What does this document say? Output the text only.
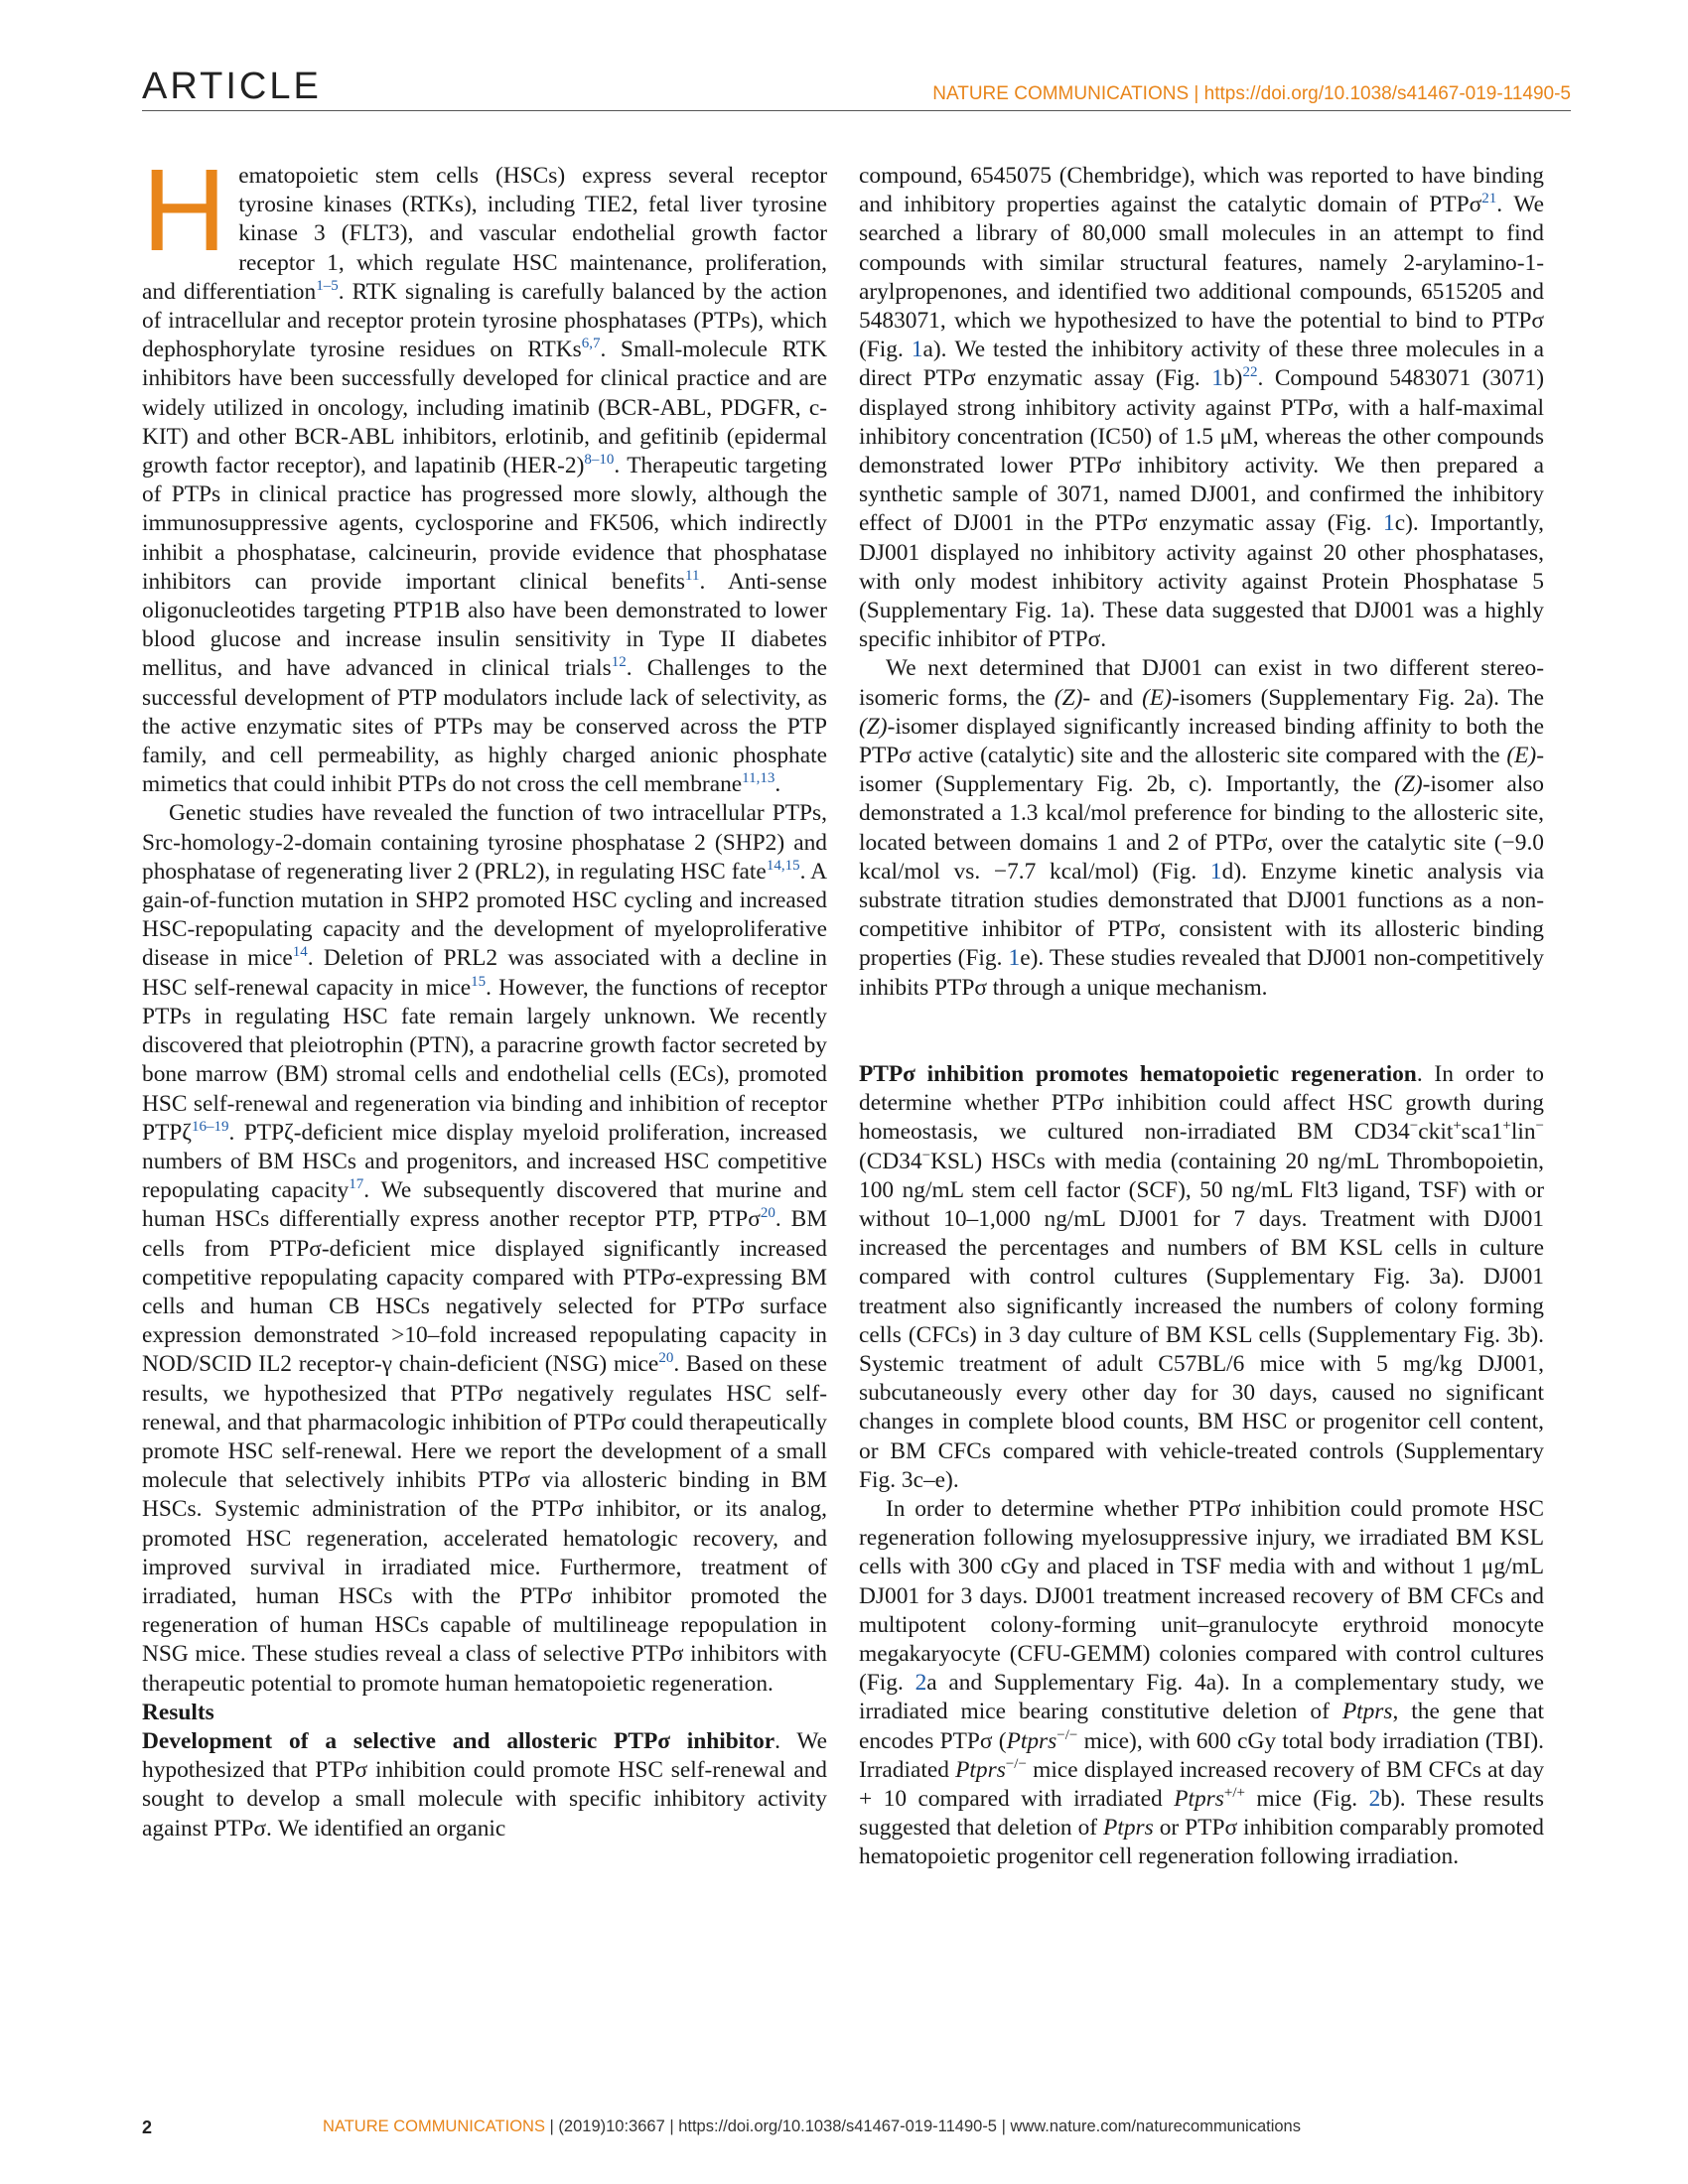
ARTICLE	NATURE COMMUNICATIONS | https://doi.org/10.1038/s41467-019-11490-5

Hematopoietic stem cells (HSCs) express several receptor tyrosine kinases (RTKs), including TIE2, fetal liver tyrosine kinase 3 (FLT3), and vascular endothelial growth factor receptor 1, which regulate HSC maintenance, proliferation, and differentiation$^{1-5}$. RTK signaling is carefully balanced by the action of intracellular and receptor protein tyrosine phosphatases (PTPs), which dephosphorylate tyrosine residues on RTKs$^{6,7}$. Small-molecule RTK inhibitors have been successfully developed for clinical practice and are widely utilized in oncology, including imatinib (BCR-ABL, PDGFR, c-KIT) and other BCR-ABL inhibitors, erlotinib, and gefitinib (epidermal growth factor receptor), and lapatinib (HER-2)$^{8-10}$. Therapeutic targeting of PTPs in clinical practice has progressed more slowly, although the immunosuppressive agents, cyclosporine and FK506, which indirectly inhibit a phosphatase, calcineurin, provide evidence that phosphatase inhibitors can provide important clinical benefits$^{11}$. Anti-sense oligonucleotides targeting PTP1B also have been demonstrated to lower blood glucose and increase insulin sensitivity in Type II diabetes mellitus, and have advanced in clinical trials$^{12}$. Challenges to the successful development of PTP modulators include lack of selectivity, as the active enzymatic sites of PTPs may be conserved across the PTP family, and cell permeability, as highly charged anionic phosphate mimetics that could inhibit PTPs do not cross the cell membrane$^{11,13}$.

Genetic studies have revealed the function of two intracellular PTPs, Src-homology-2-domain containing tyrosine phosphatase 2 (SHP2) and phosphatase of regenerating liver 2 (PRL2), in regulating HSC fate$^{14,15}$. A gain-of-function mutation in SHP2 promoted HSC cycling and increased HSC-repopulating capacity and the development of myeloproliferative disease in mice$^{14}$. Deletion of PRL2 was associated with a decline in HSC self-renewal capacity in mice$^{15}$. However, the functions of receptor PTPs in regulating HSC fate remain largely unknown. We recently discovered that pleiotrophin (PTN), a paracrine growth factor secreted by bone marrow (BM) stromal cells and endothelial cells (ECs), promoted HSC self-renewal and regeneration via binding and inhibition of receptor PTPζ$^{16-19}$. PTPζ-deficient mice display myeloid proliferation, increased numbers of BM HSCs and progenitors, and increased HSC competitive repopulating capacity$^{17}$. We subsequently discovered that murine and human HSCs differentially express another receptor PTP, PTPσ$^{20}$. BM cells from PTPσ-deficient mice displayed significantly increased competitive repopulating capacity compared with PTPσ-expressing BM cells and human CB HSCs negatively selected for PTPσ surface expression demonstrated >10–fold increased repopulating capacity in NOD/SCID IL2 receptor-γ chain-deficient (NSG) mice$^{20}$. Based on these results, we hypothesized that PTPσ negatively regulates HSC self-renewal, and that pharmacologic inhibition of PTPσ could therapeutically promote HSC self-renewal. Here we report the development of a small molecule that selectively inhibits PTPσ via allosteric binding in BM HSCs. Systemic administration of the PTPσ inhibitor, or its analog, promoted HSC regeneration, accelerated hematologic recovery, and improved survival in irradiated mice. Furthermore, treatment of irradiated, human HSCs with the PTPσ inhibitor promoted the regeneration of human HSCs capable of multilineage repopulation in NSG mice. These studies reveal a class of selective PTPσ inhibitors with therapeutic potential to promote human hematopoietic regeneration.

Results

Development of a selective and allosteric PTPσ inhibitor. We hypothesized that PTPσ inhibition could promote HSC self-renewal and sought to develop a small molecule with specific inhibitory activity against PTPσ. We identified an organic

compound, 6545075 (Chembridge), which was reported to have binding and inhibitory properties against the catalytic domain of PTPσ$^{21}$. We searched a library of 80,000 small molecules in an attempt to find compounds with similar structural features, namely 2-arylamino-1-arylpropenones, and identified two additional compounds, 6515205 and 5483071, which we hypothesized to have the potential to bind to PTPσ (Fig. 1a). We tested the inhibitory activity of these three molecules in a direct PTPσ enzymatic assay (Fig. 1b)$^{22}$. Compound 5483071 (3071) displayed strong inhibitory activity against PTPσ, with a half-maximal inhibitory concentration (IC50) of 1.5 μM, whereas the other compounds demonstrated lower PTPσ inhibitory activity. We then prepared a synthetic sample of 3071, named DJ001, and confirmed the inhibitory effect of DJ001 in the PTPσ enzymatic assay (Fig. 1c). Importantly, DJ001 displayed no inhibitory activity against 20 other phosphatases, with only modest inhibitory activity against Protein Phosphatase 5 (Supplementary Fig. 1a). These data suggested that DJ001 was a highly specific inhibitor of PTPσ.

We next determined that DJ001 can exist in two different stereo-isomeric forms, the (Z)- and (E)-isomers (Supplementary Fig. 2a). The (Z)-isomer displayed significantly increased binding affinity to both the PTPσ active (catalytic) site and the allosteric site compared with the (E)-isomer (Supplementary Fig. 2b, c). Importantly, the (Z)-isomer also demonstrated a 1.3 kcal/mol preference for binding to the allosteric site, located between domains 1 and 2 of PTPσ, over the catalytic site (−9.0 kcal/mol vs. −7.7 kcal/mol) (Fig. 1d). Enzyme kinetic analysis via substrate titration studies demonstrated that DJ001 functions as a non-competitive inhibitor of PTPσ, consistent with its allosteric binding properties (Fig. 1e). These studies revealed that DJ001 non-competitively inhibits PTPσ through a unique mechanism.

PTPσ inhibition promotes hematopoietic regeneration. In order to determine whether PTPσ inhibition could affect HSC growth during homeostasis, we cultured non-irradiated BM CD34−ckit+sca1+lin− (CD34−KSL) HSCs with media (containing 20 ng/mL Thrombopoietin, 100 ng/mL stem cell factor (SCF), 50 ng/mL Flt3 ligand, TSF) with or without 10–1,000 ng/mL DJ001 for 7 days. Treatment with DJ001 increased the percentages and numbers of BM KSL cells in culture compared with control cultures (Supplementary Fig. 3a). DJ001 treatment also significantly increased the numbers of colony forming cells (CFCs) in 3 day culture of BM KSL cells (Supplementary Fig. 3b). Systemic treatment of adult C57BL/6 mice with 5 mg/kg DJ001, subcutaneously every other day for 30 days, caused no significant changes in complete blood counts, BM HSC or progenitor cell content, or BM CFCs compared with vehicle-treated controls (Supplementary Fig. 3c–e).

In order to determine whether PTPσ inhibition could promote HSC regeneration following myelosuppressive injury, we irradiated BM KSL cells with 300 cGy and placed in TSF media with and without 1 μg/mL DJ001 for 3 days. DJ001 treatment increased recovery of BM CFCs and multipotent colony-forming unit–granulocyte erythroid monocyte megakaryocyte (CFU-GEMM) colonies compared with control cultures (Fig. 2a and Supplementary Fig. 4a). In a complementary study, we irradiated mice bearing constitutive deletion of Ptprs, the gene that encodes PTPσ (Ptprs−/− mice), with 600 cGy total body irradiation (TBI). Irradiated Ptprs−/− mice displayed increased recovery of BM CFCs at day + 10 compared with irradiated Ptprs+/+ mice (Fig. 2b). These results suggested that deletion of Ptprs or PTPσ inhibition comparably promoted hematopoietic progenitor cell regeneration following irradiation.

2	NATURE COMMUNICATIONS | (2019)10:3667 | https://doi.org/10.1038/s41467-019-11490-5 | www.nature.com/naturecommunications
